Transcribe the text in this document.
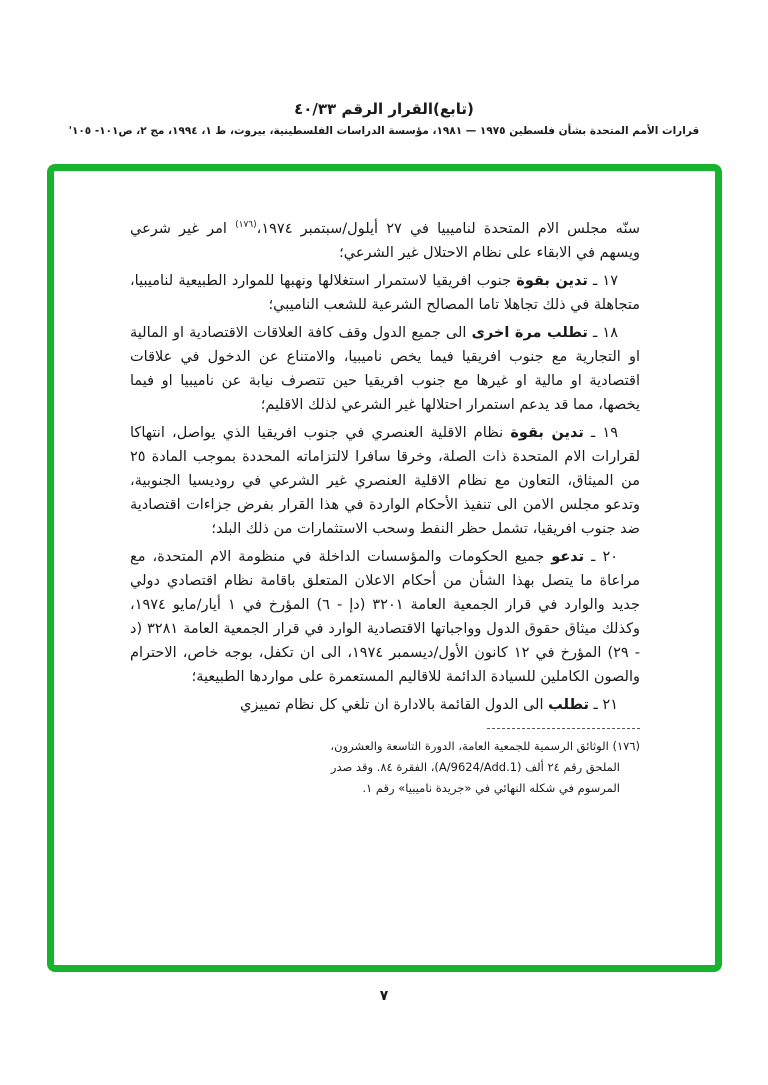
(تابع)القرار الرقم ٤٠/٣٣
قرارات الأمم المتحدة بشأن فلسطين ١٩٧٥ — ١٩٨١، مؤسسة الدراسات الفلسطينية، بيروت، ط ١، ١٩٩٤، مج ٢، ص١٠١- ١٠٥'

سنّه مجلس الام المتحدة لناميبيا في ٢٧ أيلول/سبتمبر ١٩٧٤،$^{(١٧٦)}$ امر غير شرعي ويسهم في الابقاء على نظام الاحتلال غير الشرعي؛

١٧ ـ تدين بقوة جنوب افريقيا لاستمرار استغلالها ونهبها للموارد الطبيعية لناميبيا، متجاهلة في ذلك تجاهلا تاما المصالح الشرعية للشعب الناميبي؛

١٨ ـ تطلب مرة اخرى الى جميع الدول وقف كافة العلاقات الاقتصادية او المالية او التجارية مع جنوب افريقيا فيما يخص ناميبيا، والامتناع عن الدخول في علاقات اقتصادية او مالية او غيرها مع جنوب افريقيا حين تتصرف نيابة عن ناميبيا او فيما يخصها، مما قد يدعم استمرار احتلالها غير الشرعي لذلك الاقليم؛

١٩ ـ تدين بقوة نظام الاقلية العنصري في جنوب افريقيا الذي يواصل، انتهاكا لقرارات الام المتحدة ذات الصلة، وخرقا سافرا لالتزاماته المحددة بموجب المادة ٢٥ من الميثاق، التعاون مع نظام الاقلية العنصري غير الشرعي في روديسيا الجنوبية، وتدعو مجلس الامن الى تنفيذ الأحكام الواردة في هذا القرار بفرض جزاءات اقتصادية ضد جنوب افريقيا، تشمل حظر النفط وسحب الاستثمارات من ذلك البلد؛

٢٠ ـ تدعو جميع الحكومات والمؤسسات الداخلة في منظومة الام المتحدة، مع مراعاة ما يتصل بهذا الشأن من أحكام الاعلان المتعلق باقامة نظام اقتصادي دولي جديد والوارد في قرار الجمعية العامة ٣٢٠١ (دإ - ٦) المؤرخ في ١ أيار/مايو ١٩٧٤، وكذلك ميثاق حقوق الدول وواجباتها الاقتصادية الوارد في قرار الجمعية العامة ٣٢٨١ (د - ٢٩) المؤرخ في ١٢ كانون الأول/ديسمبر ١٩٧٤، الى ان تكفل، بوجه خاص، الاحترام والصون الكاملين للسيادة الدائمة للاقاليم المستعمرة على مواردها الطبيعية؛

٢١ ـ تطلب الى الدول القائمة بالادارة ان تلغي كل نظام تمييزي

(١٧٦) الوثائق الرسمية للجمعية العامة، الدورة التاسعة والعشرون، الملحق رقم ٢٤ ألف (A/9624/Add.1)، الفقرة ٨٤. وقد صدر المرسوم في شكله النهائي في «جريدة ناميبيا» رقم ١.
٧
